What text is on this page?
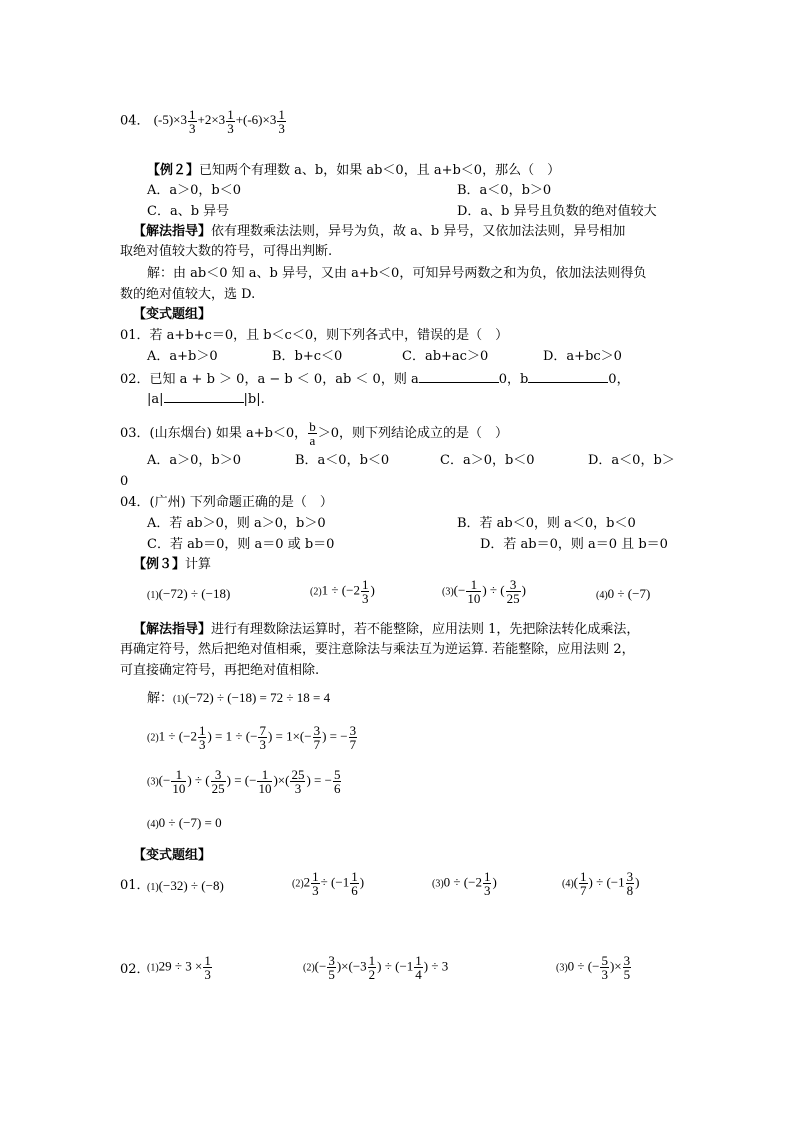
04． $(-5)\times 3 \frac{1}{3} +2\times 3 \frac{1}{3} +(-6)\times 3 \frac{1}{3}$
【例２】已知两个有理数 a、b，如果 ab＜0，且 a+b＜0，那么（　）
A．a＞0，b＜0	B．a＜0，b＞0
C．a、b 异号	D．a、b 异号且负数的绝对值较大
【解法指导】依有理数乘法法则，异号为负，故 a、b 异号，又依加法法则，异号相加
取绝对值较大数的符号，可得出判断.
解：由 ab＜0 知 a、b 异号，又由 a+b＜0，可知异号两数之和为负，依加法法则得负
数的绝对值较大，选 D.
【变式题组】
01．若 a+b+c＝0，且 b＜c＜0，则下列各式中，错误的是（　）
A．a+b＞0	B．b+c＜0	C．ab+ac＞0	D．a+bc＞0
02．已知 a + b ＞ 0，a − b ＜ 0，ab ＜ 0，则 a	0，b	0，
|a|	|b|.
03．(山东烟台) 如果 a+b＜0， $\frac{b}{a} >0$，则下列结论成立的是（　）
A．a＞0，b＞0	B．a＜0，b＜0	C．a＞0，b＜0	D．a＜0，b＞
0
04．(广州) 下列命题正确的是（　）
A．若 ab＞0，则 a＞0，b＞0	B．若 ab＜0，则 a＜0，b＜0
C．若 ab＝0，则 a＝0 或 b＝0	D．若 ab＝0，则 a＝0 且 b＝0
【例３】计算
(1)(−72) ÷ (−18)	$(2)1 \div (-2 \frac{1}{3}$ )	$(3)(- \frac{1}{10}$ ) ÷ ( $\frac{3}{25}$ )	(4)0 ÷ (−7)
【解法指导】进行有理数除法运算时，若不能整除，应用法则 1，先把除法转化成乘法，
再确定符号，然后把绝对值相乘，要注意除法与乘法互为逆运算. 若能整除，应用法则 2，
可直接确定符号，再把绝对值相除.
解：(1)(−72) ÷ (−18) = 72 ÷ 18 = 4
$(2)1 \div (-2 \frac{1}{3}$ ) = 1 ÷ (− $\frac{7}{3}$ ) = $1\times(- \frac{3}{7}$ ) = − $\frac{3}{7}$
$(3)(- \frac{1}{10}$ ) ÷ ( $\frac{3}{25}$ ) = (− $\frac{1}{10}$ )×( $\frac{25}{3}$ ) = − $\frac{5}{6}$
(4)0 ÷ (−7) = 0
【变式题组】
01．
(1)(−32) ÷ (−8)	$(2)2 \frac{1}{3} \div (-1 \frac{1}{6}$ )	$(3)0 \div (-2 \frac{1}{3}$ )	$(4)( \frac{1}{7}$ ) ÷ ($-1 \frac{3}{8}$ )
02．
$(1)29 \div 3 \times \frac{1}{3}$	$(2)(- \frac{3}{5} )\times(-3 \frac{1}{2}$ ) ÷ ($-1 \frac{1}{4}$ ) ÷ 3	(3)0 ÷ (− $\frac{5}{3}$ )× $\frac{3}{5}$
